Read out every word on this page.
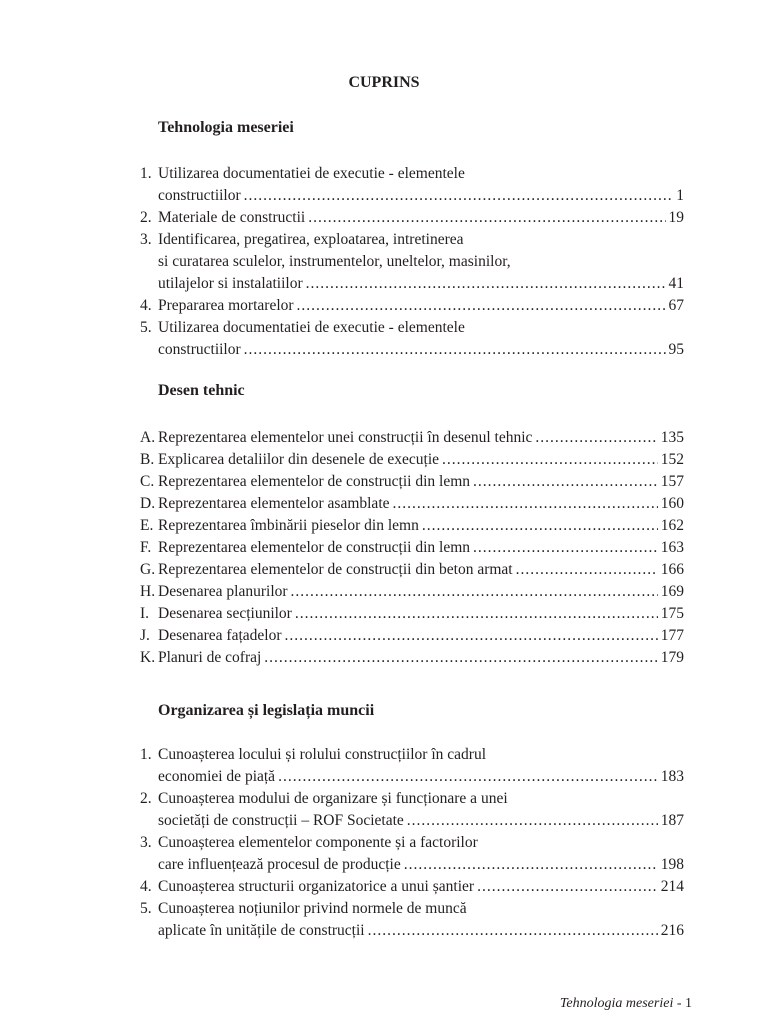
CUPRINS
Tehnologia meseriei
1. Utilizarea documentatiei de executie - elementele
constructiilor .....	1
2. Materiale de constructii .....	19
3. Identificarea, pregatirea, exploatarea, intretinerea
si curatarea sculelor, instrumentelor, uneltelor, masinilor,
utilajelor si instalatiilor .....	41
4. Prepararea mortarelor .....	67
5. Utilizarea documentatiei de executie - elementele
constructiilor .....	95
Desen tehnic
A. Reprezentarea elementelor unei construcții în desenul tehnic .....	135
B. Explicarea detaliilor din desenele de execuție .....	152
C. Reprezentarea elementelor de construcții din lemn .....	157
D. Reprezentarea elementelor asamblate .....	160
E. Reprezentarea îmbinării pieselor din lemn .....	162
F. Reprezentarea elementelor de construcții din lemn .....	163
G. Reprezentarea elementelor de construcții din beton armat .....	166
H. Desenarea planurilor .....	169
I. Desenarea secțiunilor .....	175
J. Desenarea fațadelor .....	177
K. Planuri de cofraj .....	179
Organizarea și legislația muncii
1. Cunoașterea locului și rolului construcțiilor în cadrul
economiei de piață .....	183
2. Cunoașterea modului de organizare și funcționare a unei
societăți de construcții – ROF Societate .....	187
3. Cunoașterea elementelor componente și a factorilor
care influențează procesul de producție .....	198
4. Cunoașterea structurii organizatorice a unui șantier .....	214
5. Cunoașterea noțiunilor privind normele de muncă
aplicate în unitățile de construcții .....	216
Tehnologia meseriei - 1
